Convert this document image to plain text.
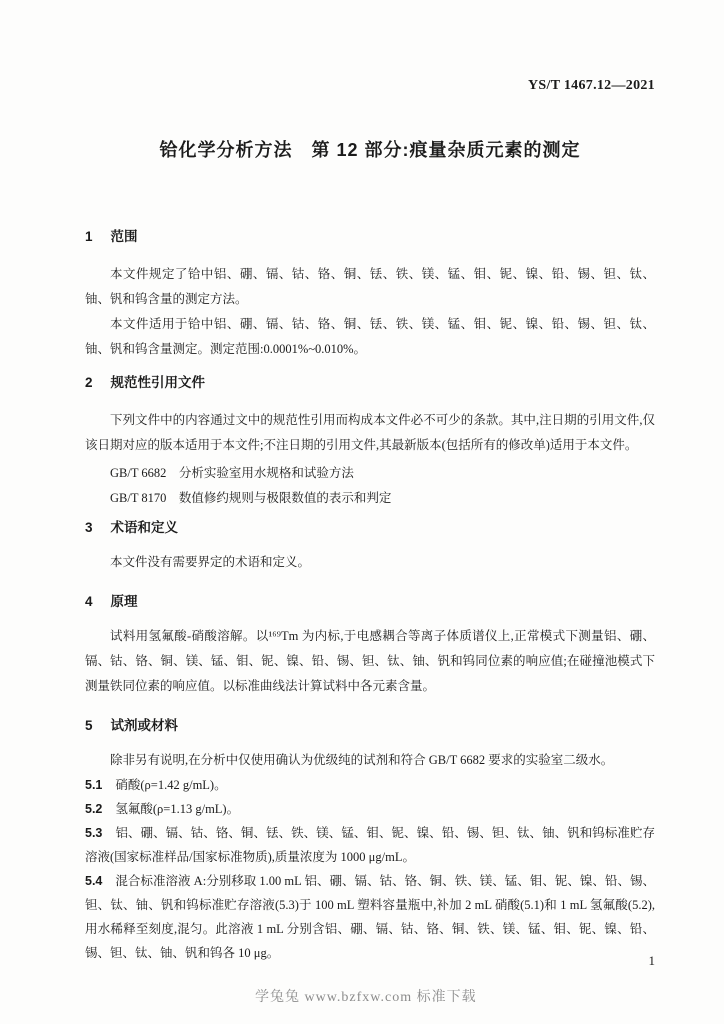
YS/T 1467.12—2021
铪化学分析方法　第 12 部分:痕量杂质元素的测定
1 范围

本文件规定了铪中铝、硼、镉、钴、铬、铜、铥、铁、镁、锰、钼、铌、镍、铅、锡、钽、钛、铀、钒和钨含量的测定方法。

本文件适用于铪中铝、硼、镉、钴、铬、铜、铥、铁、镁、锰、钼、铌、镍、铅、锡、钽、钛、铀、钒和钨含量测定。测定范围:0.0001%~0.010%。

2 规范性引用文件

下列文件中的内容通过文中的规范性引用而构成本文件必不可少的条款。其中,注日期的引用文件,仅该日期对应的版本适用于本文件;不注日期的引用文件,其最新版本(包括所有的修改单)适用于本文件。

GB/T 6682　分析实验室用水规格和试验方法

GB/T 8170　数值修约规则与极限数值的表示和判定

3 术语和定义

本文件没有需要界定的术语和定义。

4 原理

试料用氢氟酸-硝酸溶解。以¹⁶⁹Tm 为内标,于电感耦合等离子体质谱仪上,正常模式下测量铝、硼、镉、钴、铬、铜、镁、锰、钼、铌、镍、铅、锡、钽、钛、铀、钒和钨同位素的响应值;在碰撞池模式下测量铁同位素的响应值。以标准曲线法计算试料中各元素含量。

5 试剂或材料

除非另有说明,在分析中仅使用确认为优级纯的试剂和符合 GB/T 6682 要求的实验室二级水。

5.1 硝酸(ρ=1.42 g/mL)。

5.2 氢氟酸(ρ=1.13 g/mL)。

5.3 铝、硼、镉、钴、铬、铜、铥、铁、镁、锰、钼、铌、镍、铅、锡、钽、钛、铀、钒和钨标准贮存溶液(国家标准样品/国家标准物质),质量浓度为 1000 μg/mL。

5.4 混合标准溶液 A:分别移取 1.00 mL 铝、硼、镉、钴、铬、铜、铁、镁、锰、钼、铌、镍、铅、锡、钽、钛、铀、钒和钨标准贮存溶液(5.3)于 100 mL 塑料容量瓶中,补加 2 mL 硝酸(5.1)和 1 mL 氢氟酸(5.2),用水稀释至刻度,混匀。此溶液 1 mL 分别含铝、硼、镉、钴、铬、铜、铁、镁、锰、钼、铌、镍、铅、锡、钽、钛、铀、钒和钨各 10 μg。	1
学兔兔 www.bzfxw.com 标准下载
